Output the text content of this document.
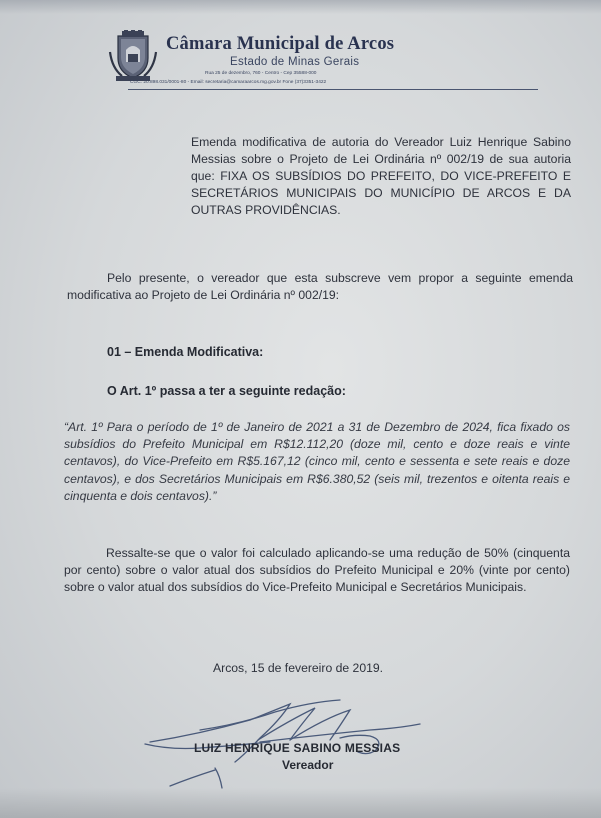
Câmara Municipal de Arcos
Estado de Minas Gerais
Rua 25 de dezembro, 760 - Centro - Cep 35588-000
CGC: 20.898.031/0001-80 - Email: secretaria@camaraarcos.mg.gov.br Fone (37)3351-3422
Emenda modificativa de autoria do Vereador Luiz Henrique Sabino Messias sobre o Projeto de Lei Ordinária nº 002/19 de sua autoria que: FIXA OS SUBSÍDIOS DO PREFEITO, DO VICE-PREFEITO E SECRETÁRIOS MUNICIPAIS DO MUNICÍPIO DE ARCOS E DA OUTRAS PROVIDÊNCIAS.
Pelo presente, o vereador que esta subscreve vem propor a seguinte emenda modificativa ao Projeto de Lei Ordinária nº 002/19:
01 – Emenda Modificativa:
O Art. 1º passa a ter a seguinte redação:
“Art. 1º Para o período de 1º de Janeiro de 2021 a 31 de Dezembro de 2024, fica fixado os subsídios do Prefeito Municipal em R$12.112,20 (doze mil, cento e doze reais e vinte centavos), do Vice-Prefeito em R$5.167,12 (cinco mil, cento e sessenta e sete reais e doze centavos), e dos Secretários Municipais em R$6.380,52 (seis mil, trezentos e oitenta reais e cinquenta e dois centavos).”
Ressalte-se que o valor foi calculado aplicando-se uma redução de 50% (cinquenta por cento) sobre o valor atual dos subsídios do Prefeito Municipal e 20% (vinte por cento) sobre o valor atual dos subsídios do Vice-Prefeito Municipal e Secretários Municipais.
Arcos, 15 de fevereiro de 2019.
LUIZ HENRIQUE SABINO MESSIAS
Vereador
